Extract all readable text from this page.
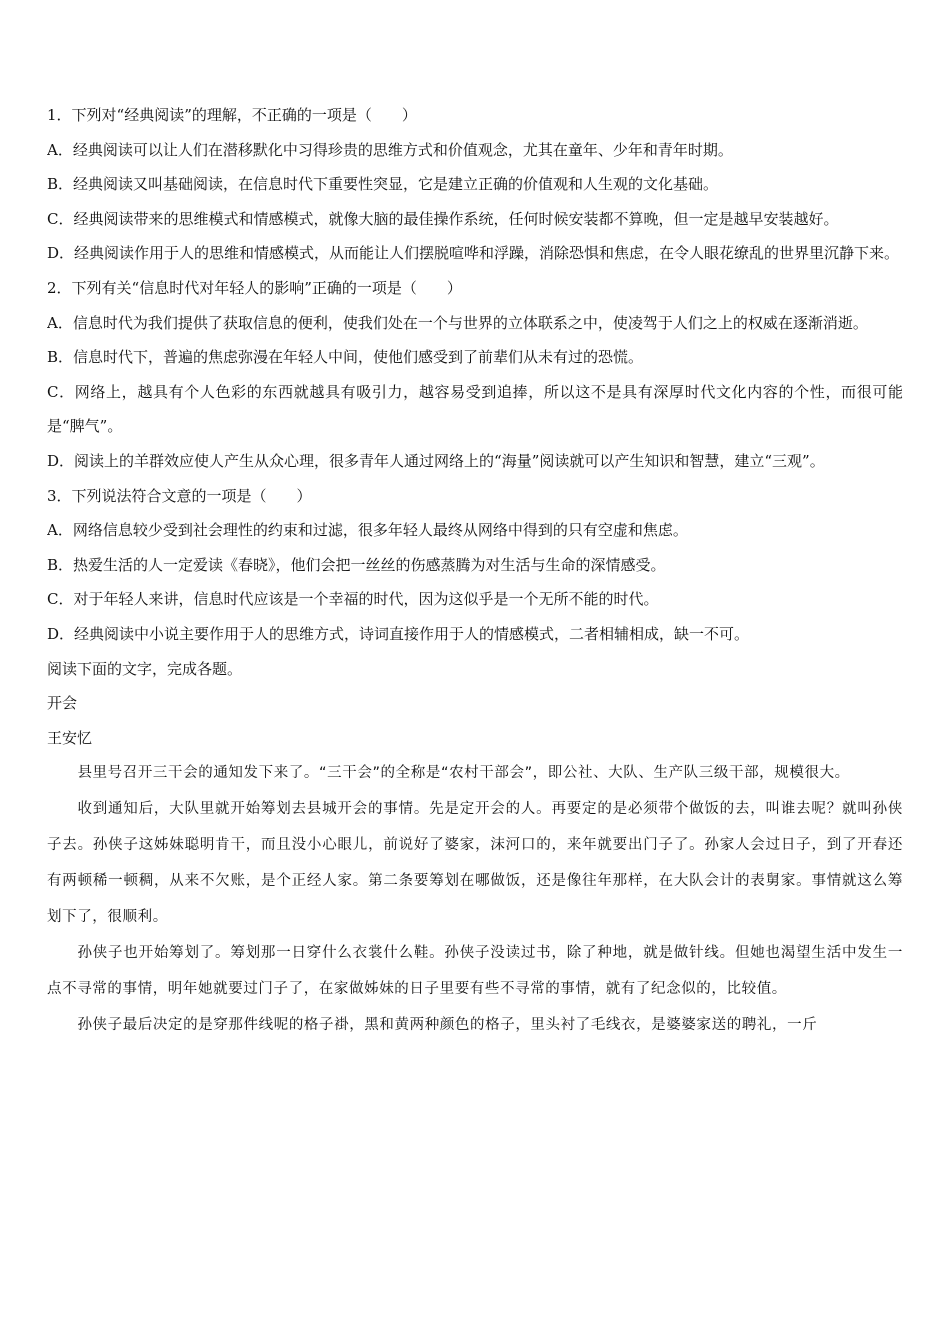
1．下列对“经典阅读”的理解，不正确的一项是（　　）

A．经典阅读可以让人们在潜移默化中习得珍贵的思维方式和价值观念，尤其在童年、少年和青年时期。

B．经典阅读又叫基础阅读，在信息时代下重要性突显，它是建立正确的价值观和人生观的文化基础。

C．经典阅读带来的思维模式和情感模式，就像大脑的最佳操作系统，任何时候安装都不算晚，但一定是越早安装越好。

D．经典阅读作用于人的思维和情感模式，从而能让人们摆脱喧哗和浮躁，消除恐惧和焦虑，在令人眼花缭乱的世界里沉静下来。

2．下列有关“信息时代对年轻人的影响”正确的一项是（　　）

A．信息时代为我们提供了获取信息的便利，使我们处在一个与世界的立体联系之中，使凌驾于人们之上的权威在逐渐消逝。

B．信息时代下，普遍的焦虑弥漫在年轻人中间，使他们感受到了前辈们从未有过的恐慌。

C．网络上，越具有个人色彩的东西就越具有吸引力，越容易受到追捧，所以这不是具有深厚时代文化内容的个性，而很可能是“脾气”。

D．阅读上的羊群效应使人产生从众心理，很多青年人通过网络上的“海量”阅读就可以产生知识和智慧，建立“三观”。

3．下列说法符合文意的一项是（　　）

A．网络信息较少受到社会理性的约束和过滤，很多年轻人最终从网络中得到的只有空虚和焦虑。

B．热爱生活的人一定爱读《春晓》，他们会把一丝丝的伤感蒸腾为对生活与生命的深情感受。

C．对于年轻人来讲，信息时代应该是一个幸福的时代，因为这似乎是一个无所不能的时代。

D．经典阅读中小说主要作用于人的思维方式，诗词直接作用于人的情感模式，二者相辅相成，缺一不可。

阅读下面的文字，完成各题。

开会

王安忆

县里号召开三干会的通知发下来了。“三干会”的全称是“农村干部会”，即公社、大队、生产队三级干部，规模很大。

收到通知后，大队里就开始筹划去县城开会的事情。先是定开会的人。再要定的是必须带个做饭的去，叫谁去呢？就叫孙侠子去。孙侠子这姊妹聪明肯干，而且没小心眼儿，前说好了婆家，沫河口的，来年就要出门子了。孙家人会过日子，到了开春还有两顿稀一顿稠，从来不欠账，是个正经人家。第二条要筹划在哪做饭，还是像往年那样，在大队会计的表舅家。事情就这么筹划下了，很顺利。

孙侠子也开始筹划了。筹划那一日穿什么衣裳什么鞋。孙侠子没读过书，除了种地，就是做针线。但她也渴望生活中发生一点不寻常的事情，明年她就要过门子了，在家做姊妹的日子里要有些不寻常的事情，就有了纪念似的，比较值。

孙侠子最后决定的是穿那件线呢的格子褂，黑和黄两种颜色的格子，里头衬了毛线衣，是婆婆家送的聘礼，一斤
